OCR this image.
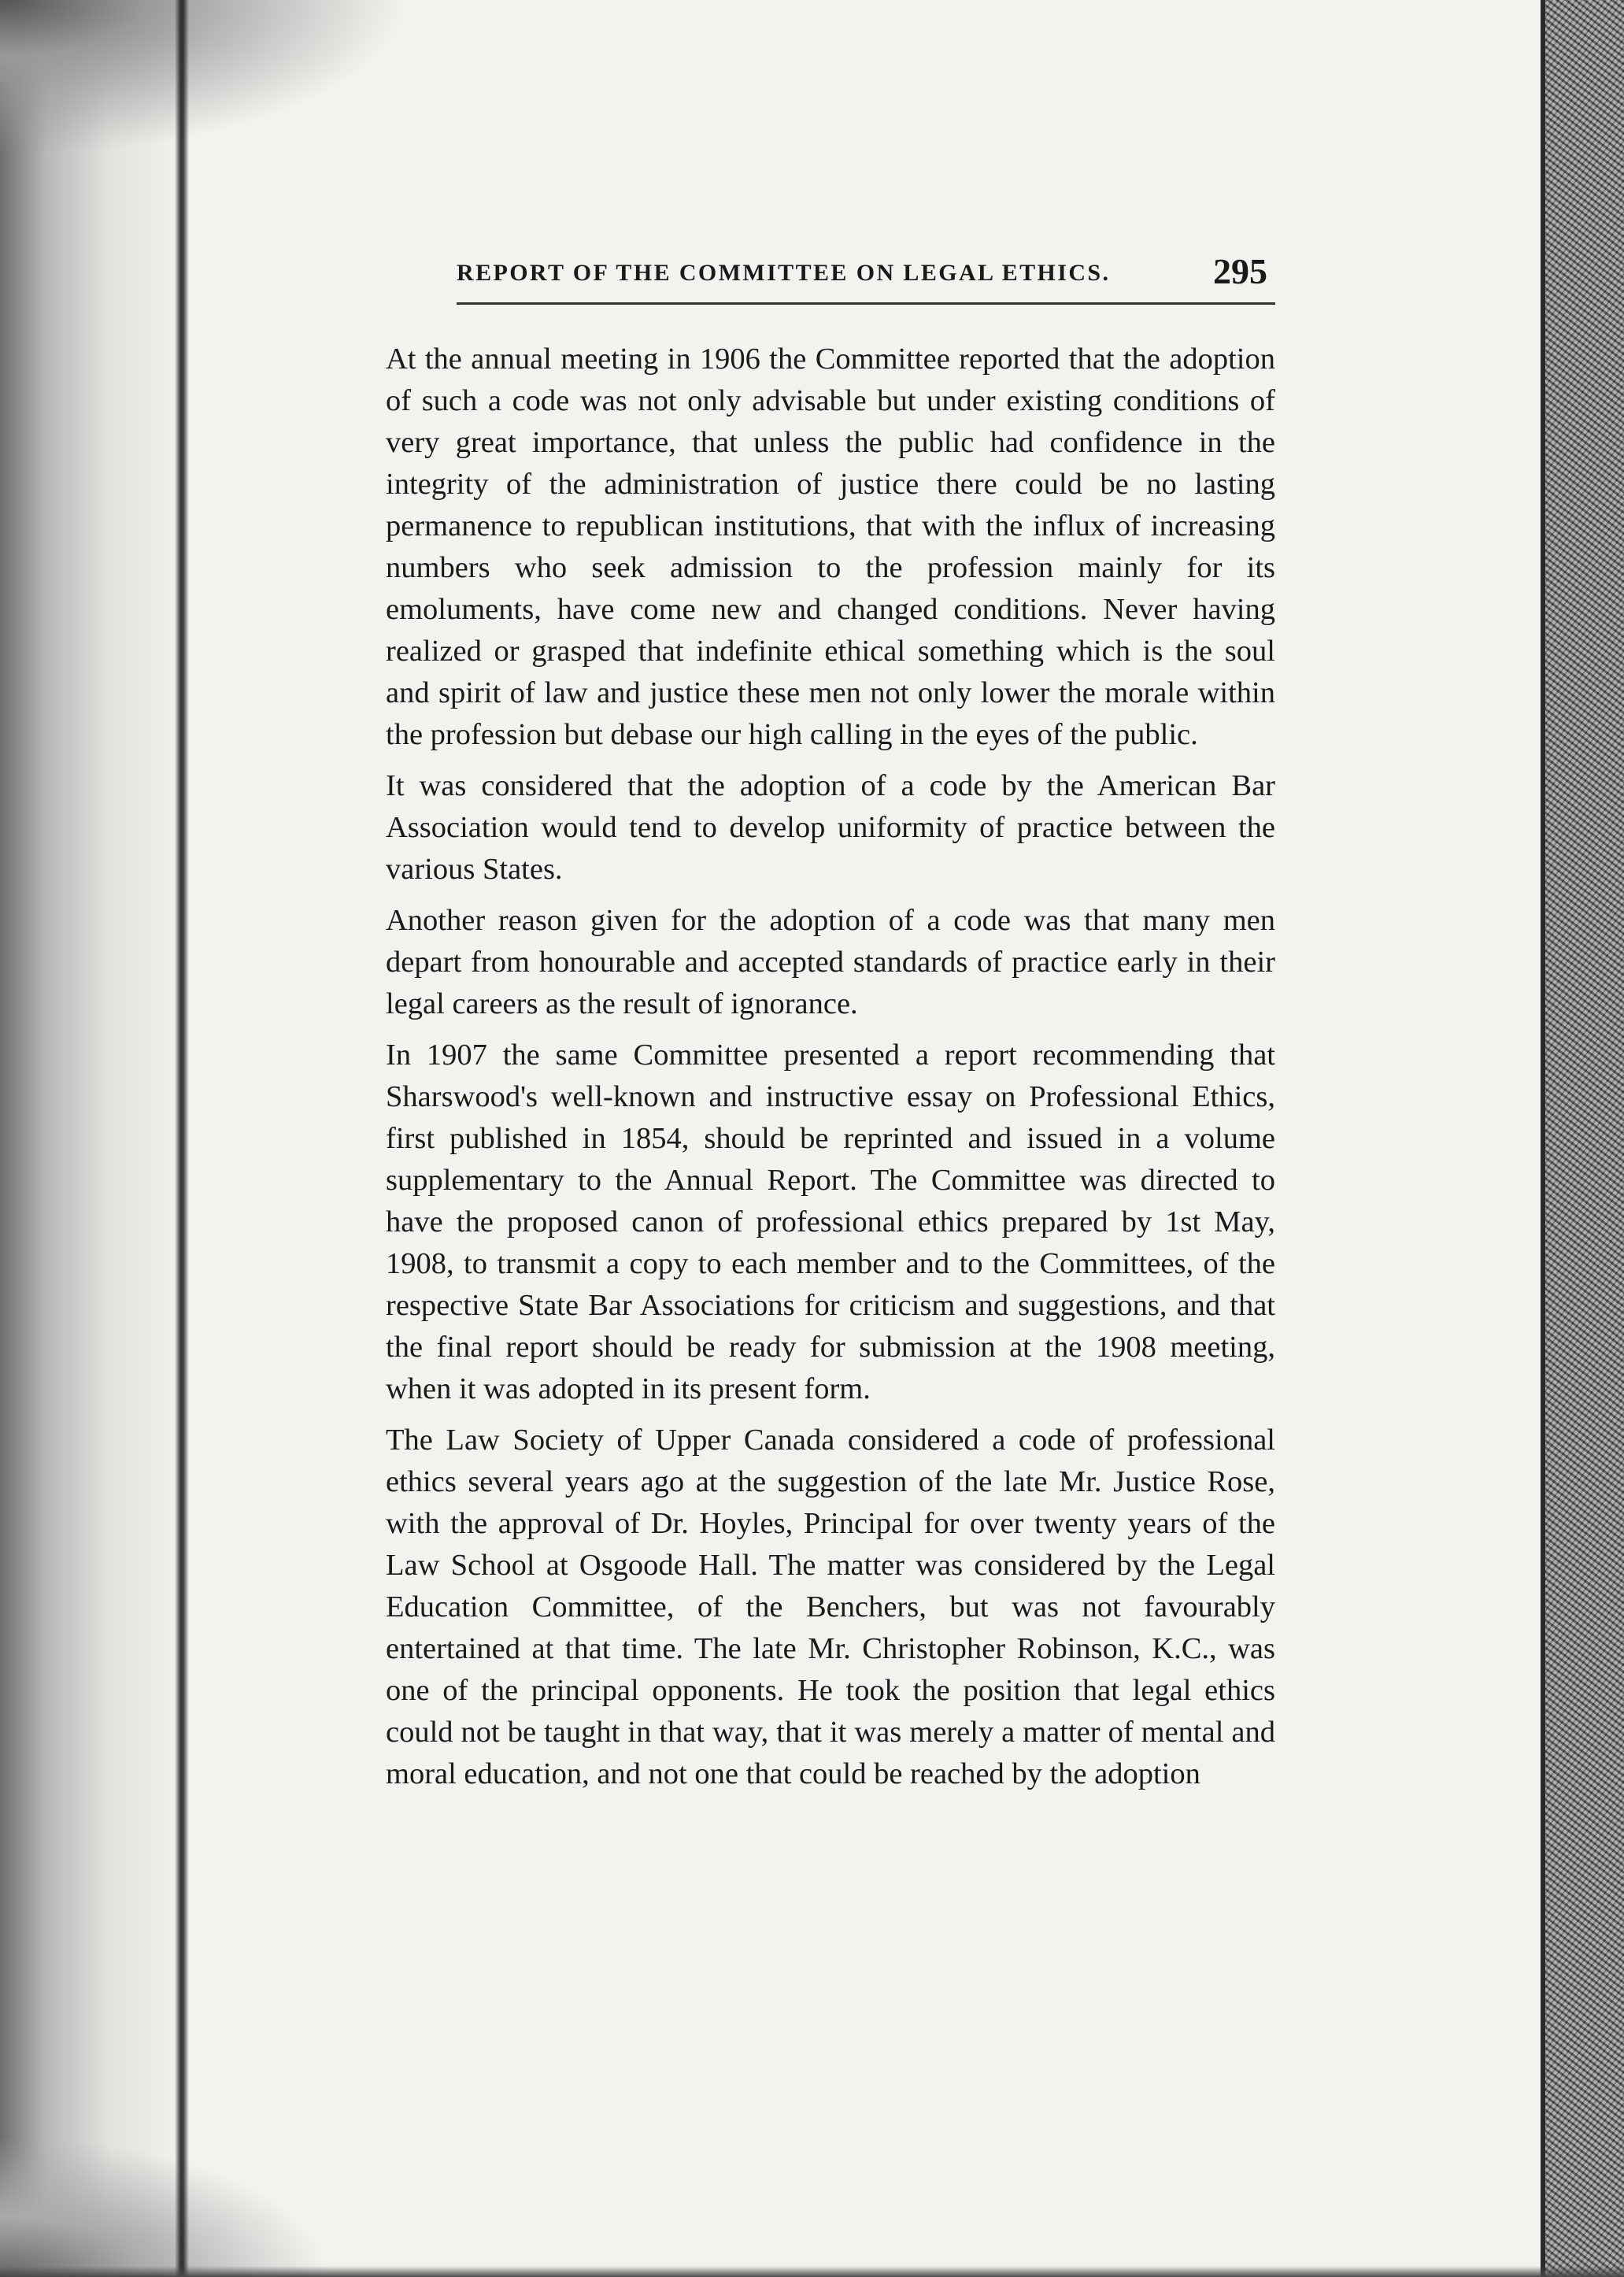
REPORT OF THE COMMITTEE ON LEGAL ETHICS.	295

At the annual meeting in 1906 the Committee reported that the adoption of such a code was not only advisable but under existing conditions of very great importance, that unless the public had confidence in the integrity of the administration of justice there could be no lasting permanence to republican institutions, that with the influx of increasing numbers who seek admission to the profession mainly for its emoluments, have come new and changed conditions. Never having realized or grasped that indefinite ethical something which is the soul and spirit of law and justice these men not only lower the morale within the profession but debase our high calling in the eyes of the public.

It was considered that the adoption of a code by the American Bar Association would tend to develop uniformity of practice between the various States.

Another reason given for the adoption of a code was that many men depart from honourable and accepted standards of practice early in their legal careers as the result of ignorance.

In 1907 the same Committee presented a report recommending that Sharswood's well-known and instructive essay on Professional Ethics, first published in 1854, should be reprinted and issued in a volume supplementary to the Annual Report. The Committee was directed to have the proposed canon of professional ethics prepared by 1st May, 1908, to transmit a copy to each member and to the Committees, of the respective State Bar Associations for criticism and suggestions, and that the final report should be ready for submission at the 1908 meeting, when it was adopted in its present form.

The Law Society of Upper Canada considered a code of professional ethics several years ago at the suggestion of the late Mr. Justice Rose, with the approval of Dr. Hoyles, Principal for over twenty years of the Law School at Osgoode Hall. The matter was considered by the Legal Education Committee, of the Benchers, but was not favourably entertained at that time. The late Mr. Christopher Robinson, K.C., was one of the principal opponents. He took the position that legal ethics could not be taught in that way, that it was merely a matter of mental and moral education, and not one that could be reached by the adoption
